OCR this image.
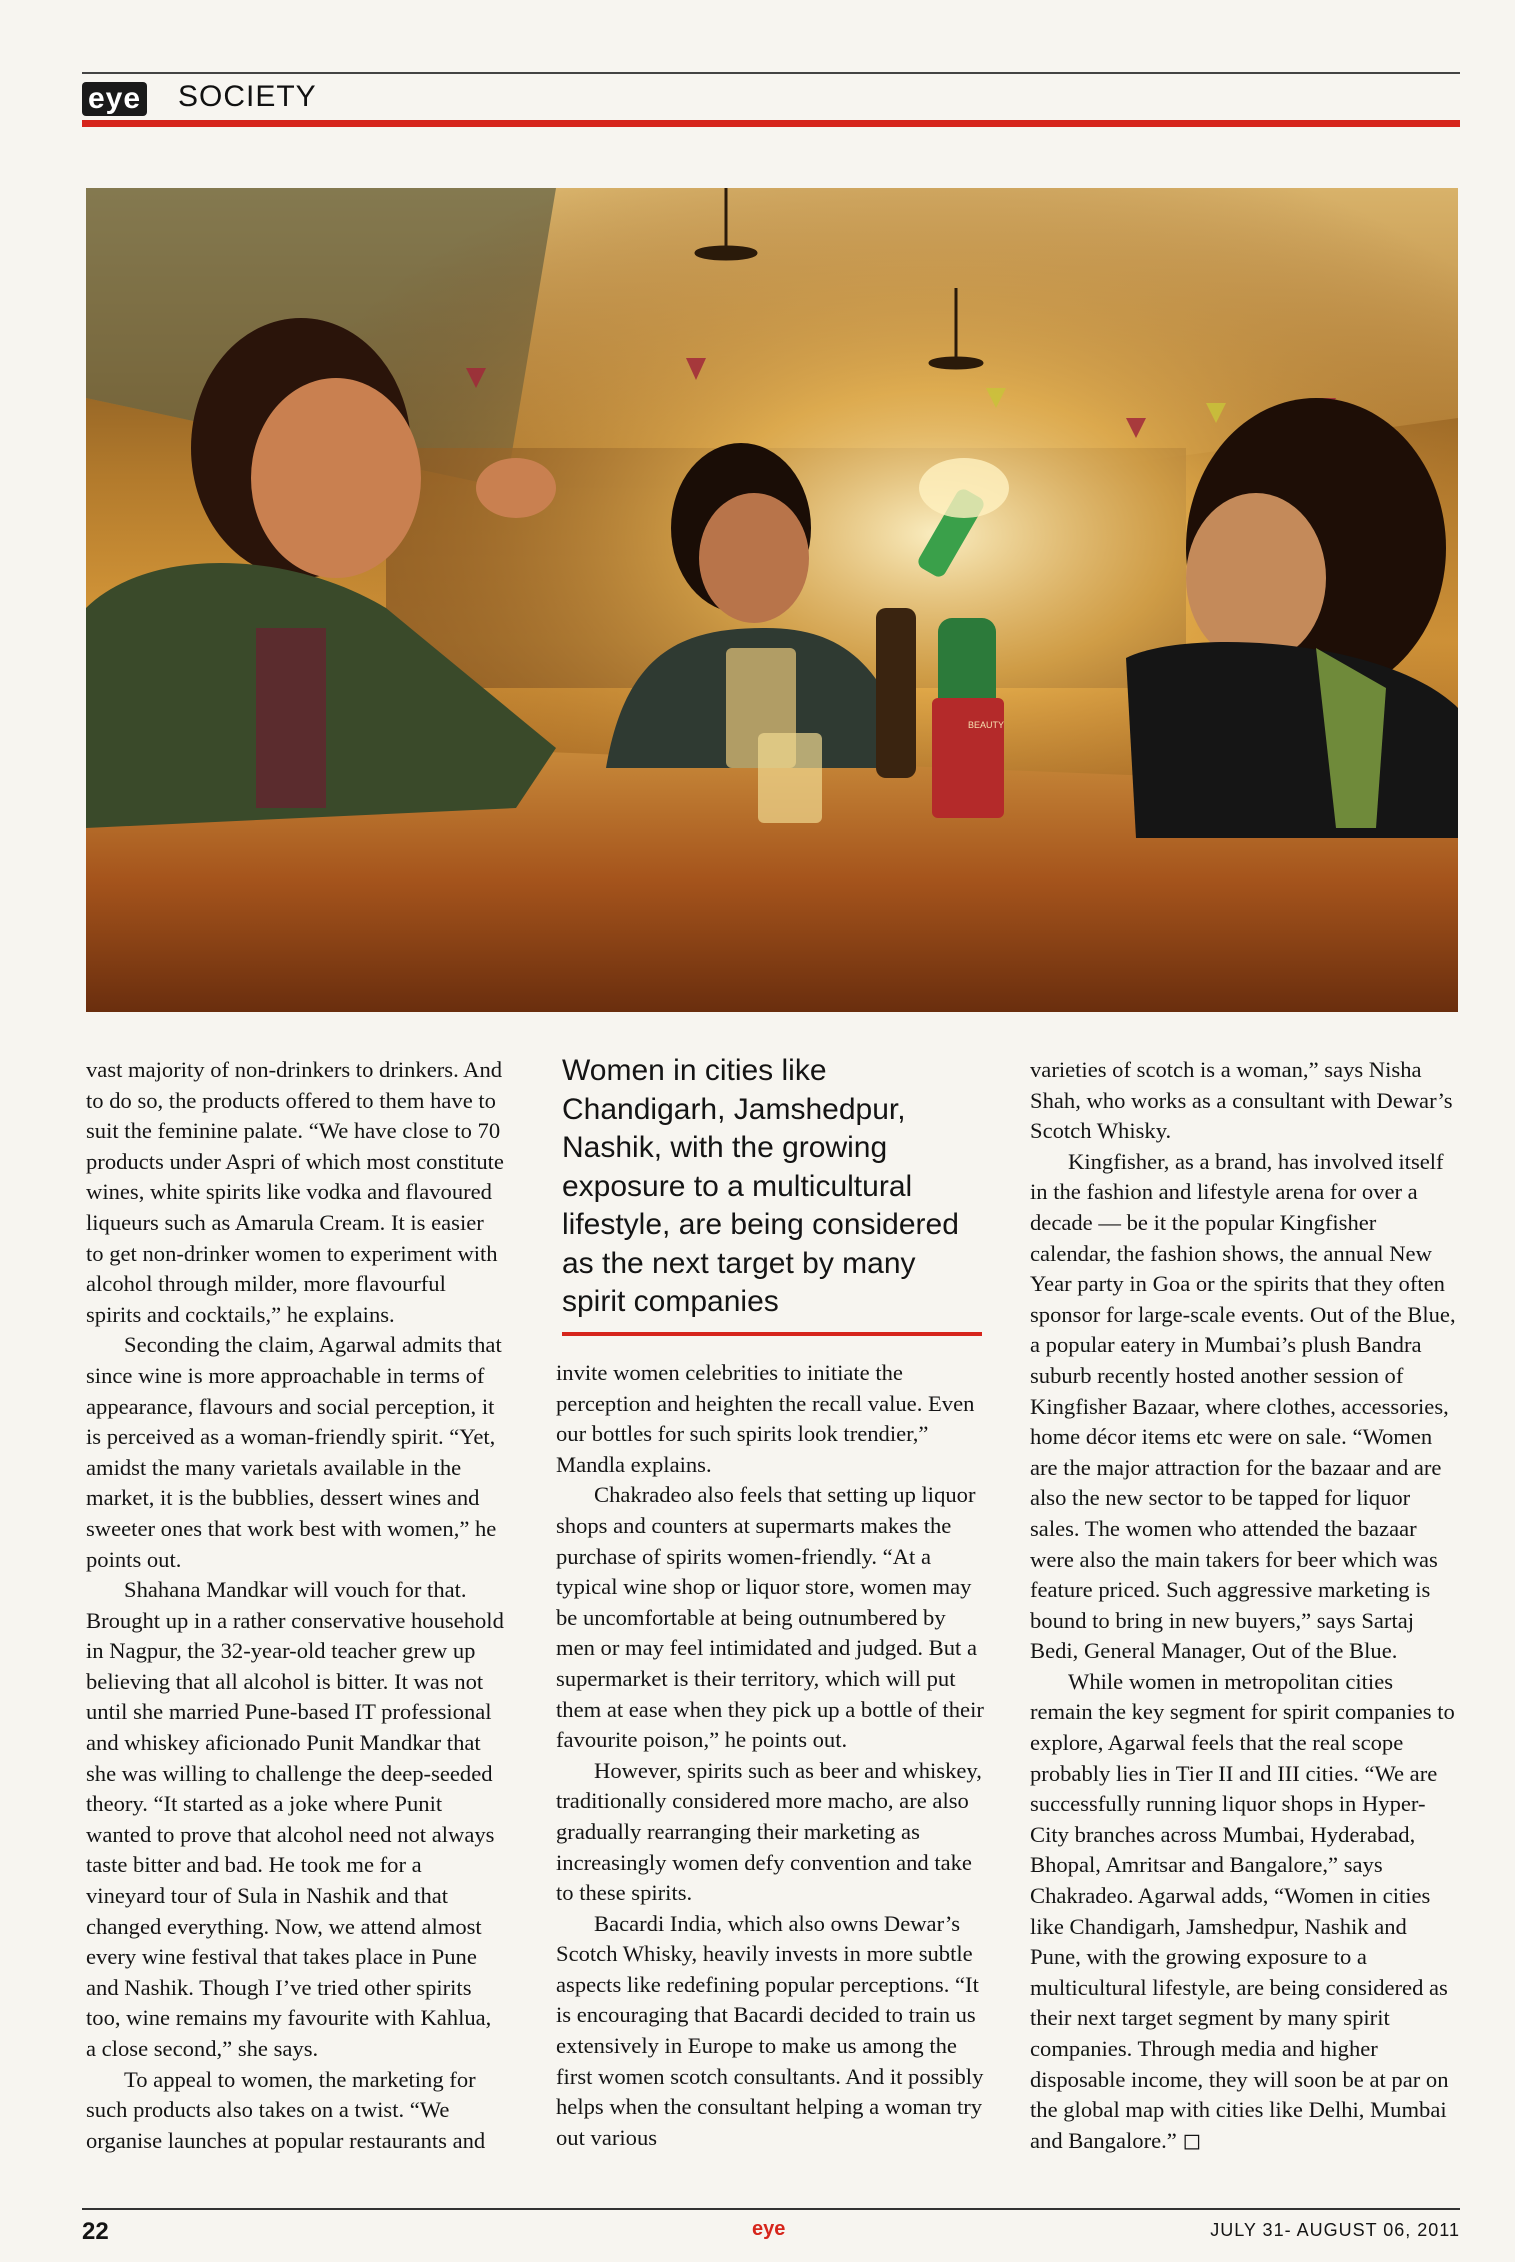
eye SOCIETY
BEAUTY
Women in cities like Chandigarh, Jamshedpur, Nashik, with the growing exposure to a multicultural lifestyle, are being considered as the next target by many spirit companies

vast majority of non-drinkers to drinkers. And to do so, the products offered to them have to suit the feminine palate. “We have close to 70 products under Aspri of which most constitute wines, white spirits like vodka and flavoured liqueurs such as Amarula Cream. It is easier to get non-drinker women to experiment with alcohol through milder, more flavourful spirits and cocktails,” he explains.

Seconding the claim, Agarwal admits that since wine is more approachable in terms of appearance, flavours and social perception, it is perceived as a woman-friendly spirit. “Yet, amidst the many varietals available in the market, it is the bubblies, dessert wines and sweeter ones that work best with women,” he points out.

Shahana Mandkar will vouch for that. Brought up in a rather conservative household in Nagpur, the 32-year-old teacher grew up believing that all alcohol is bitter. It was not until she married Pune-based IT professional and whiskey aficionado Punit Mandkar that she was willing to challenge the deep-seeded theory. “It started as a joke where Punit wanted to prove that alcohol need not always taste bitter and bad. He took me for a vineyard tour of Sula in Nashik and that changed everything. Now, we attend almost every wine festival that takes place in Pune and Nashik. Though I’ve tried other spirits too, wine remains my favourite with Kahlua, a close second,” she says.

To appeal to women, the marketing for such products also takes on a twist. “We organise launches at popular restaurants and

invite women celebrities to initiate the perception and heighten the recall value. Even our bottles for such spirits look trendier,” Mandla explains.

Chakradeo also feels that setting up liquor shops and counters at supermarts makes the purchase of spirits women-friendly. “At a typical wine shop or liquor store, women may be uncomfortable at being outnumbered by men or may feel intimidated and judged. But a supermarket is their territory, which will put them at ease when they pick up a bottle of their favourite poison,” he points out.

However, spirits such as beer and whiskey, traditionally considered more macho, are also gradually rearranging their marketing as increasingly women defy convention and take to these spirits.

Bacardi India, which also owns Dewar’s Scotch Whisky, heavily invests in more subtle aspects like redefining popular perceptions. “It is encouraging that Bacardi decided to train us extensively in Europe to make us among the first women scotch consultants. And it possibly helps when the consultant helping a woman try out various

varieties of scotch is a woman,” says Nisha Shah, who works as a consultant with Dewar’s Scotch Whisky.

Kingfisher, as a brand, has involved itself in the fashion and lifestyle arena for over a decade — be it the popular Kingfisher calendar, the fashion shows, the annual New Year party in Goa or the spirits that they often sponsor for large-scale events. Out of the Blue, a popular eatery in Mumbai’s plush Bandra suburb recently hosted another session of Kingfisher Bazaar, where clothes, accessories, home décor items etc were on sale. “Women are the major attraction for the bazaar and are also the new sector to be tapped for liquor sales. The women who attended the bazaar were also the main takers for beer which was feature priced. Such aggressive marketing is bound to bring in new buyers,” says Sartaj Bedi, General Manager, Out of the Blue.

While women in metropolitan cities remain the key segment for spirit companies to explore, Agarwal feels that the real scope probably lies in Tier II and III cities. “We are successfully running liquor shops in Hyper-City branches across Mumbai, Hyderabad, Bhopal, Amritsar and Bangalore,” says Chakradeo. Agarwal adds, “Women in cities like Chandigarh, Jamshedpur, Nashik and Pune, with the growing exposure to a multicultural lifestyle, are being considered as their next target segment by many spirit companies. Through media and higher disposable income, they will soon be at par on the global map with cities like Delhi, Mumbai and Bangalore.” ◻

22	eye	JULY 31- AUGUST 06, 2011
